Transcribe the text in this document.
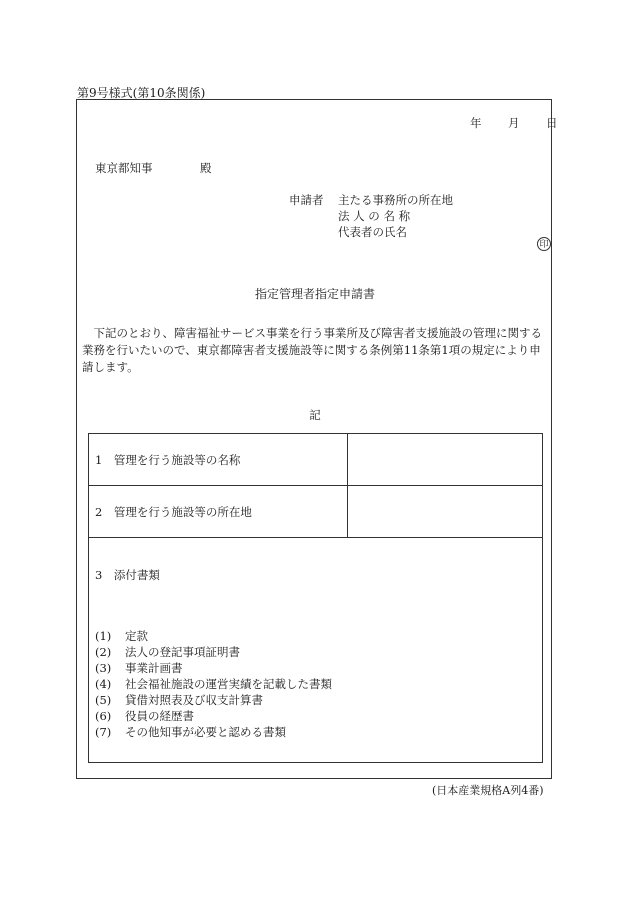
第9号様式(第10条関係)
年 月 日
東京都知事	殿
申請者 主たる事務所の所在地
法 人 の 名 称
代表者の氏名
印
指定管理者指定申請書
下記のとおり、障害福祉サービス事業を行う事業所及び障害者支援施設の管理に関する業務を行いたいので、東京都障害者支援施設等に関する条例第11条第1項の規定により申請します。
記
1　管理を行う施設等の名称
2　管理を行う施設等の所在地
3　添付書類
(1) 定款
(2) 法人の登記事項証明書
(3) 事業計画書
(4) 社会福祉施設の運営実績を記載した書類
(5) 貸借対照表及び収支計算書
(6) 役員の経歴書
(7) その他知事が必要と認める書類
(日本産業規格A列4番)
